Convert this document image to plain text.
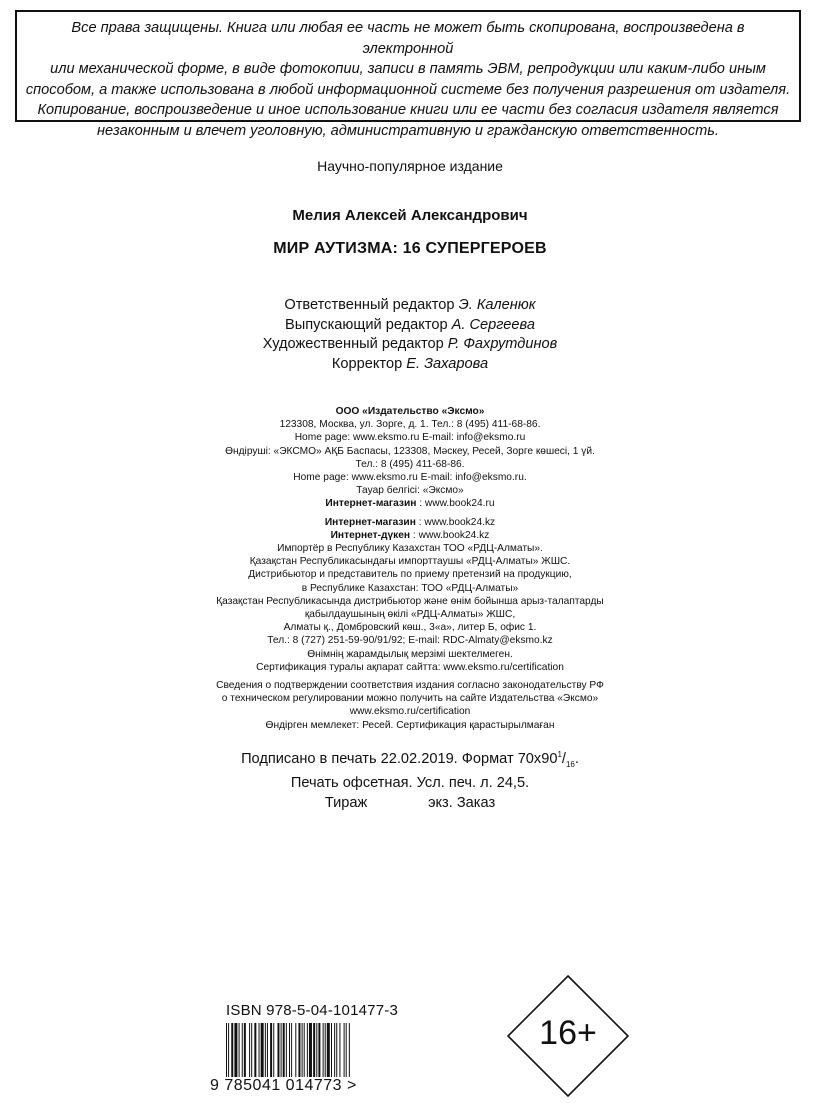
Все права защищены. Книга или любая ее часть не может быть скопирована, воспроизведена в электронной

или механической форме, в виде фотокопии, записи в память ЭВМ, репродукции или каким-либо иным

способом, а также использована в любой информационной системе без получения разрешения от издателя.

Копирование, воспроизведение и иное использование книги или ее части без согласия издателя является

незаконным и влечет уголовную, административную и гражданскую ответственность.

Научно-популярное издание

Мелия Алексей Александрович

МИР АУТИЗМА: 16 СУПЕРГЕРОЕВ

Ответственный редактор Э. Каленюк
Выпускающий редактор А. Сергеева
Художественный редактор Р. Фахрутдинов
Корректор Е. Захарова
ООО «Издательство «Эксмо»
123308, Москва, ул. Зорге, д. 1. Тел.: 8 (495) 411-68-86.
Home page: www.eksmo.ru E-mail: info@eksmo.ru
Өндіруші: «ЭКСМО» АҚБ Баспасы, 123308, Мәскеу, Ресей, Зорге көшесі, 1 үй.
Тел.: 8 (495) 411-68-86.
Home page: www.eksmo.ru E-mail: info@eksmo.ru.
Тауар белгісі: «Эксмо»
Интернет-магазин : www.book24.ru
Интернет-магазин : www.book24.kz
Интернет-дүкен : www.book24.kz
Импортёр в Республику Казахстан ТОО «РДЦ-Алматы».
Қазақстан Республикасындағы импорттаушы «РДЦ-Алматы» ЖШС.
Дистрибьютор и представитель по приему претензий на продукцию,
в Республике Казахстан: ТОО «РДЦ-Алматы»
Қазақстан Республикасында дистрибьютор және өнім бойынша арыз-талаптарды
қабылдаушының өкілі «РДЦ-Алматы» ЖШС,
Алматы қ., Домбровский көш., 3«а», литер Б, офис 1.
Тел.: 8 (727) 251-59-90/91/92; E-mail: RDC-Almaty@eksmo.kz
Өнімнің жарамдылық мерзімі шектелмеген.
Сертификация туралы ақпарат сайтта: www.eksmo.ru/certification
Сведения о подтверждении соответствия издания согласно законодательству РФ
о техническом регулировании можно получить на сайте Издательства «Эксмо»
www.eksmo.ru/certification
Өндірген мемлекет: Ресей. Сертификация қарастырылмаған
Подписано в печать 22.02.2019. Формат $70х90^1/_{16}$.
Печать офсетная. Усл. печ. л. 24,5.
Тираж               экз. Заказ
ISBN 978-5-04-101477-3
9 785041 014773 >
16+
